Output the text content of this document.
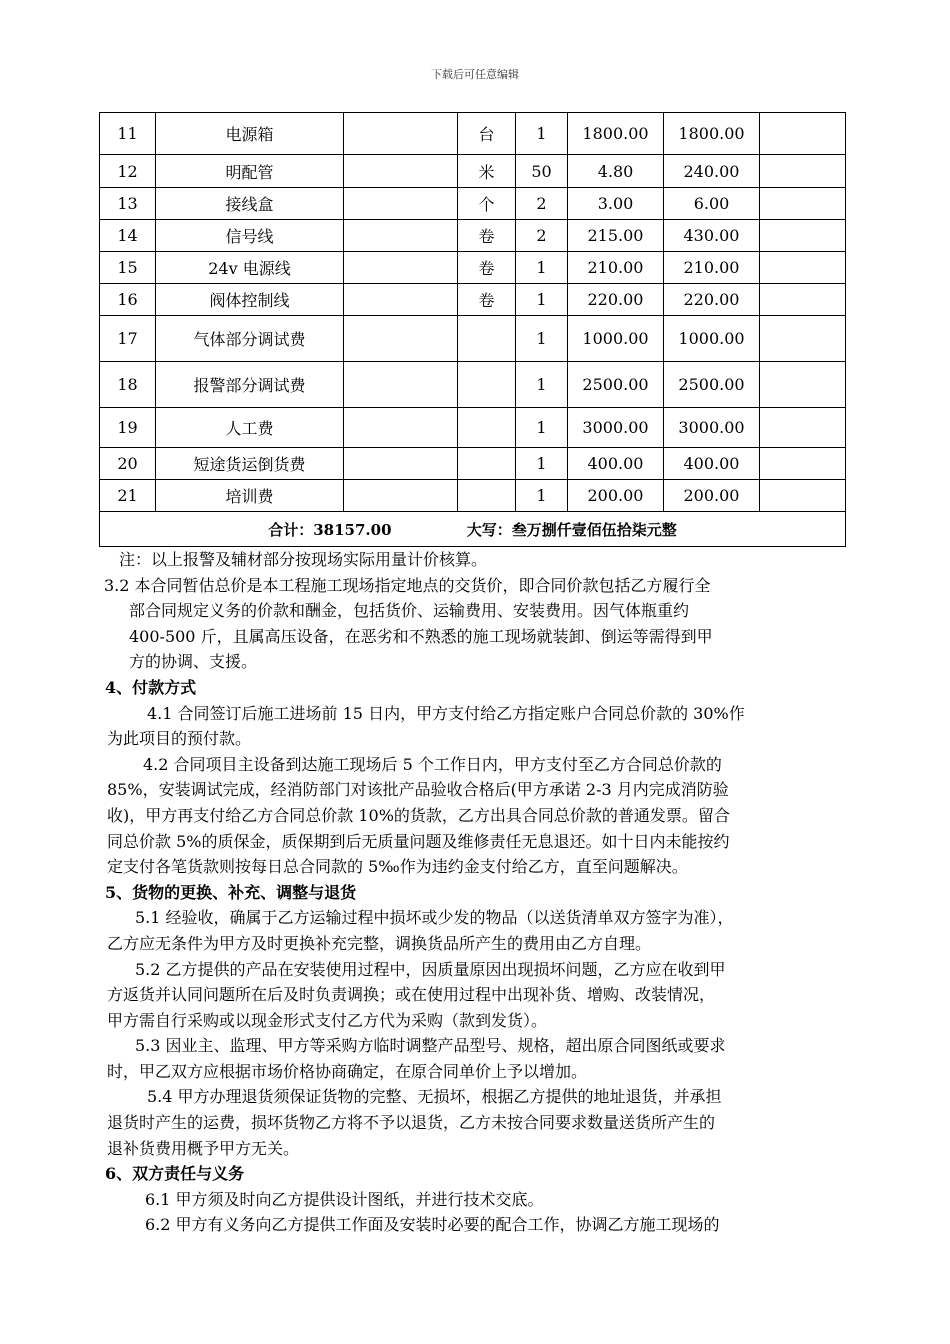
下载后可任意编辑
11	电源箱		台	1	1800.00	1800.00	
12	明配管		米	50	4.80	240.00	
13	接线盒		个	2	3.00	6.00	
14	信号线		卷	2	215.00	430.00	
15	24v 电源线		卷	1	210.00	210.00	
16	阀体控制线		卷	1	220.00	220.00	
17	气体部分调试费			1	1000.00	1000.00	
18	报警部分调试费			1	2500.00	2500.00	
19	人工费			1	3000.00	3000.00	
20	短途货运倒货费			1	400.00	400.00	
21	培训费			1	200.00	200.00	
合计：38157.00 大写：叁万捌仟壹佰伍拾柒元整							

注：以上报警及辅材部分按现场实际用量计价核算。

3.2 本合同暂估总价是本工程施工现场指定地点的交货价，即合同价款包括乙方履行全

部合同规定义务的价款和酬金，包括货价、运输费用、安装费用。因气体瓶重约

400-500 斤，且属高压设备，在恶劣和不熟悉的施工现场就装卸、倒运等需得到甲

方的协调、支援。

4、付款方式

4.1 合同签订后施工进场前 15 日内，甲方支付给乙方指定账户合同总价款的 30%作

为此项目的预付款。

4.2 合同项目主设备到达施工现场后 5 个工作日内，甲方支付至乙方合同总价款的

85%，安装调试完成，经消防部门对该批产品验收合格后(甲方承诺 2-3 月内完成消防验

收)，甲方再支付给乙方合同总价款 10%的货款，乙方出具合同总价款的普通发票。留合

同总价款 5%的质保金，质保期到后无质量问题及维修责任无息退还。如十日内未能按约

定支付各笔货款则按每日总合同款的 5‰作为违约金支付给乙方，直至问题解决。

5、货物的更换、补充、调整与退货

5.1 经验收，确属于乙方运输过程中损坏或少发的物品（以送货清单双方签字为准），

乙方应无条件为甲方及时更换补充完整，调换货品所产生的费用由乙方自理。

5.2 乙方提供的产品在安装使用过程中，因质量原因出现损坏问题，乙方应在收到甲

方返货并认同问题所在后及时负责调换；或在使用过程中出现补货、增购、改装情况，

甲方需自行采购或以现金形式支付乙方代为采购（款到发货）。

5.3 因业主、监理、甲方等采购方临时调整产品型号、规格，超出原合同图纸或要求

时，甲乙双方应根据市场价格协商确定，在原合同单价上予以增加。

5.4 甲方办理退货须保证货物的完整、无损坏，根据乙方提供的地址退货，并承担

退货时产生的运费，损坏货物乙方将不予以退货，乙方未按合同要求数量送货所产生的

退补货费用概予甲方无关。

6、双方责任与义务

6.1 甲方须及时向乙方提供设计图纸，并进行技术交底。

6.2 甲方有义务向乙方提供工作面及安装时必要的配合工作，协调乙方施工现场的
